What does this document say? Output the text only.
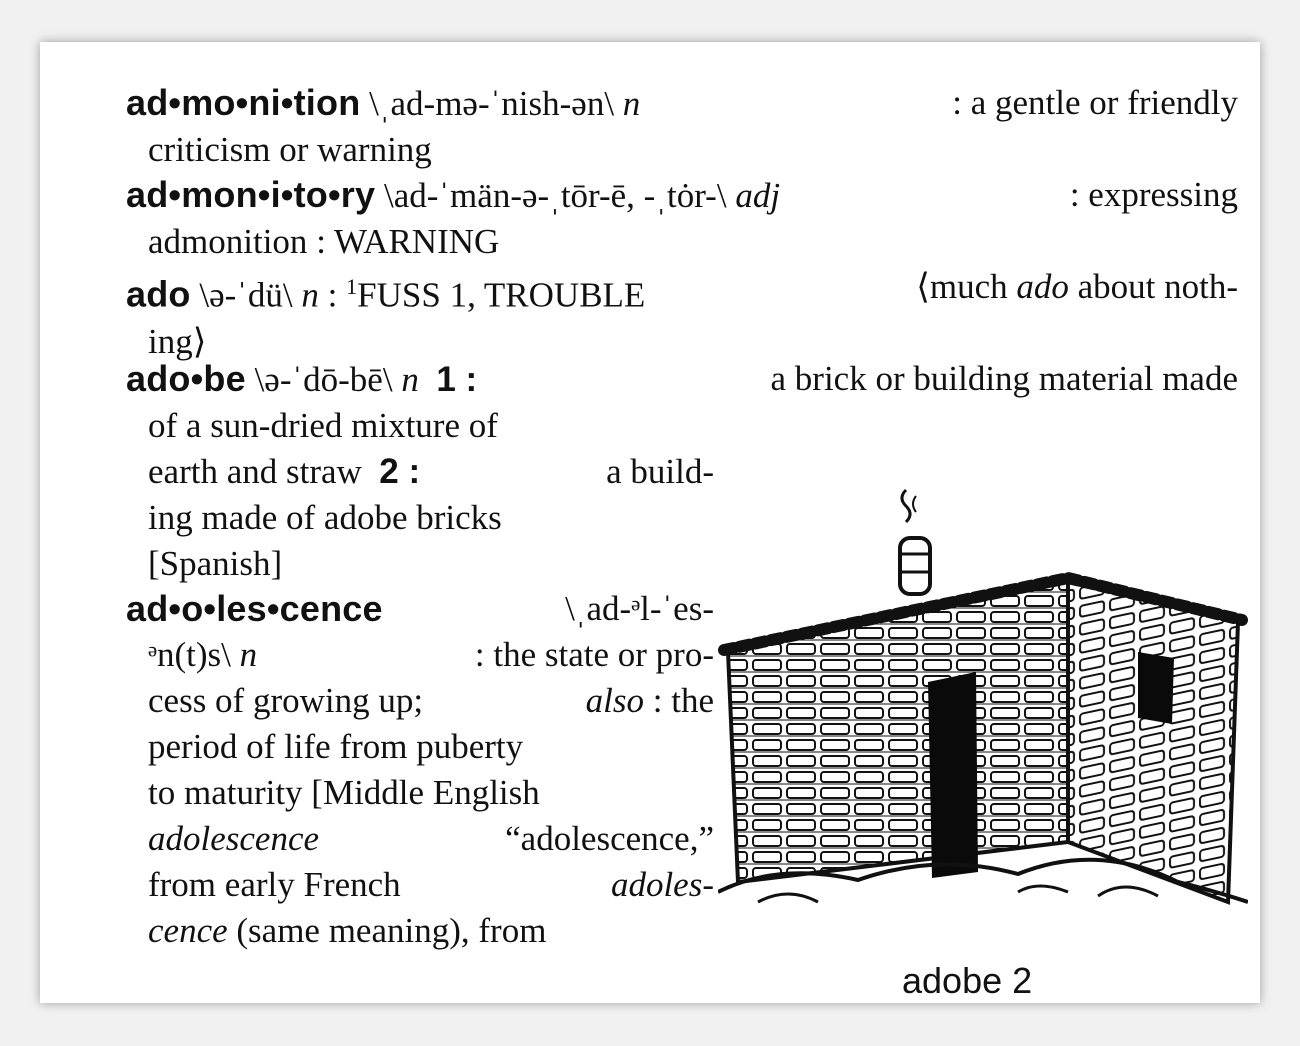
ad•mo•ni•tion \ˌad-mə-ˈnish-ən\ n	: a gentle or friendly
criticism or warning
ad•mon•i•to•ry \ad-ˈmän-ə-ˌtōr-ē, -ˌtȯr-\ adj	: expressing
admonition
: WARNING
ado \ə-ˈdü\ n : $^1$FUSS 1, TROUBLE	⟨much ado about noth-
ing⟩
ado•be \ə-ˈdō-bē\ n 1 :	a brick or building material made
of a sun-dried mixture of
earth and straw 2 :	a build-
ing made of adobe bricks
[Spanish]
ad•o•les•cence	\ˌad-ᵊl-ˈes-
ᵊn(t)s\ n	: the state or pro-
cess of growing up;	also : the
period of life from puberty
to maturity [Middle English
adolescence	“adolescence,”
from early French	adoles-
cence
(same meaning), from
adobe 2
